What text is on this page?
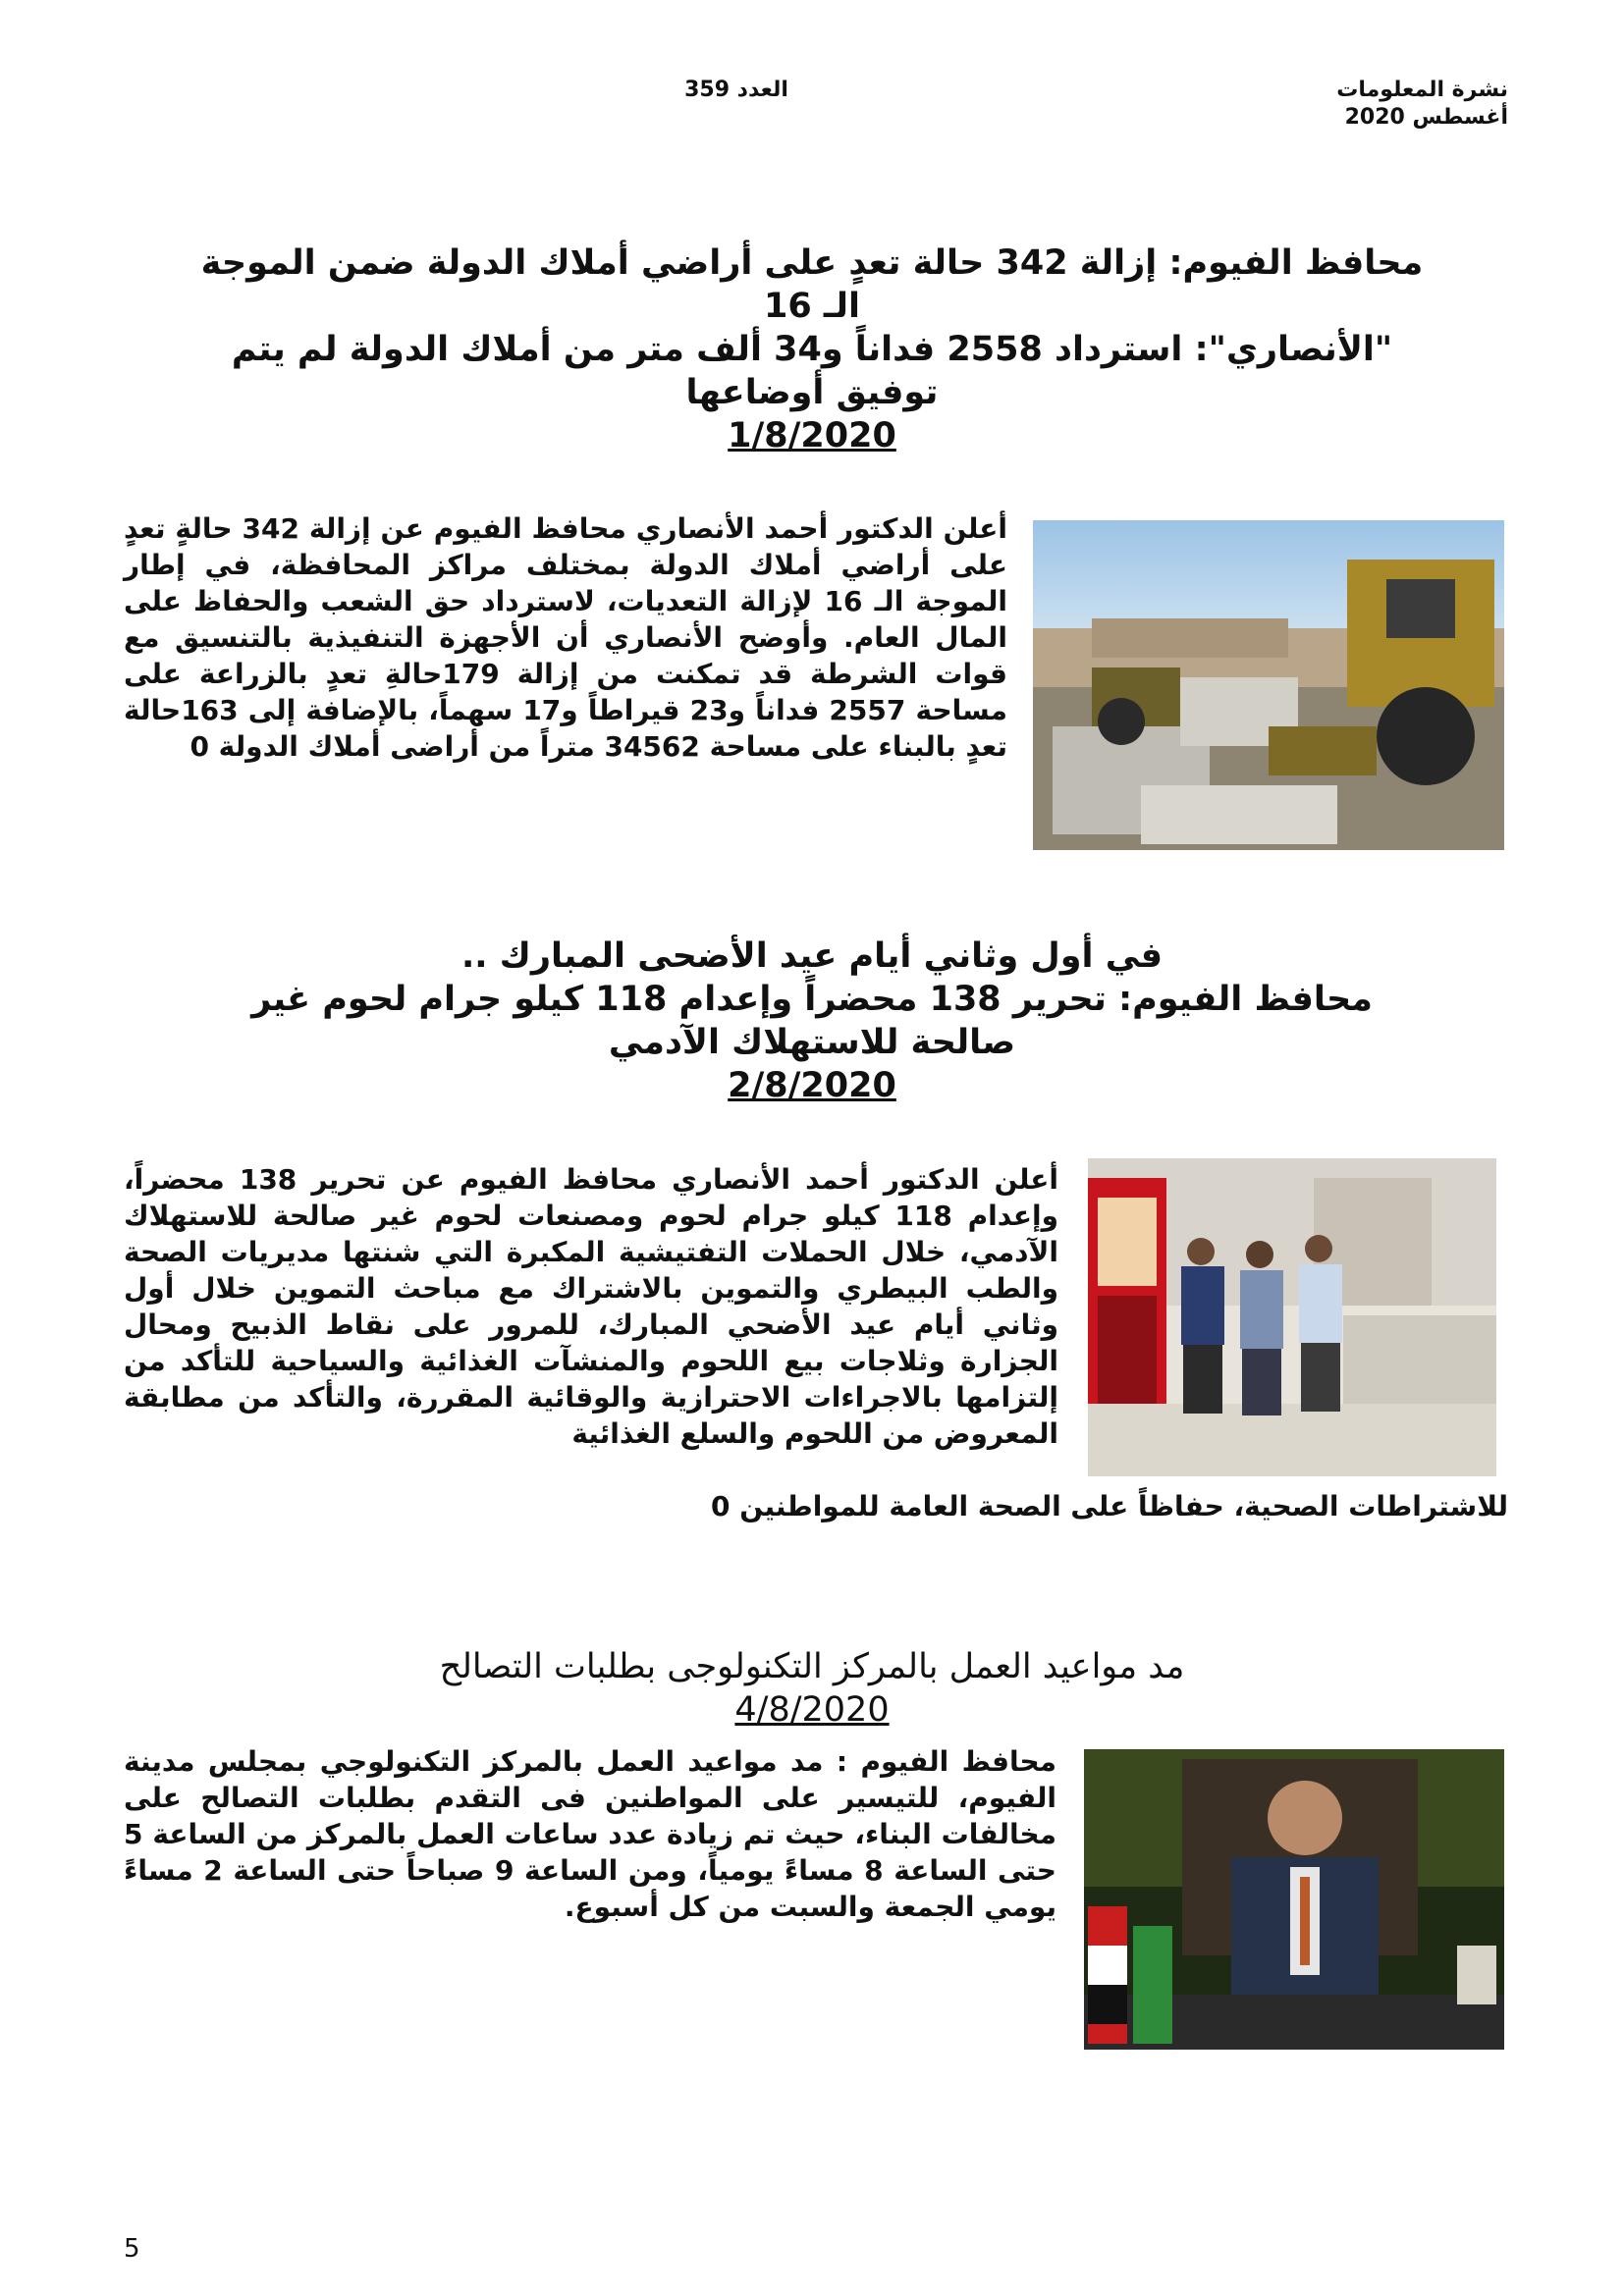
نشرة المعلومات
أغسطس 2020
العدد 359
محافظ الفيوم: إزالة 342 حالة تعدٍ على أراضي أملاك الدولة ضمن الموجة
الـ 16
"الأنصاري": استرداد 2558 فداناً و34 ألف متر من أملاك الدولة لم يتم
توفيق أوضاعها
1/8/2020
أعلن الدكتور أحمد الأنصاري محافظ الفيوم عن إزالة 342 حالةٍ تعدٍ على أراضي أملاك الدولة بمختلف مراكز المحافظة، في إطار الموجة الـ 16 لإزالة التعديات، لاسترداد حق الشعب والحفاظ على المال العام. وأوضح الأنصاري أن الأجهزة التنفيذية بالتنسيق مع قوات الشرطة قد تمكنت من إزالة 179حالةِ تعدٍ بالزراعة على مساحة 2557 فداناً و23 قيراطاً و17 سهماً، بالإضافة إلى 163حالة تعدٍ بالبناء على مساحة 34562 متراً من أراضى أملاك الدولة 0
في أول وثاني أيام عيد الأضحى المبارك ..
محافظ الفيوم: تحرير 138 محضراً وإعدام 118 كيلو جرام لحوم غير
صالحة للاستهلاك الآدمي
2/8/2020
أعلن الدكتور أحمد الأنصاري محافظ الفيوم عن تحرير 138 محضراً، وإعدام 118 كيلو جرام لحوم ومصنعات لحوم غير صالحة للاستهلاك الآدمي، خلال الحملات التفتيشية المكبرة التي شنتها مديريات الصحة والطب البيطري والتموين بالاشتراك مع مباحث التموين خلال أول وثاني أيام عيد الأضحي المبارك، للمرور على نقاط الذبيح ومحال الجزارة وثلاجات بيع اللحوم والمنشآت الغذائية والسياحية للتأكد من إلتزامها بالاجراءات الاحترازية والوقائية المقررة، والتأكد من مطابقة المعروض من اللحوم والسلع الغذائية
للاشتراطات الصحية، حفاظاً على الصحة العامة للمواطنين 0
مد مواعيد العمل بالمركز التكنولوجى بطلبات التصالح
4/8/2020
محافظ الفيوم : مد مواعيد العمل بالمركز التكنولوجي بمجلس مدينة الفيوم، للتيسير على المواطنين فى التقدم بطلبات التصالح على مخالفات البناء، حيث تم زيادة عدد ساعات العمل بالمركز من الساعة 5 حتى الساعة 8 مساءً يومياً، ومن الساعة 9 صباحاً حتى الساعة 2 مساءً يومي الجمعة والسبت من كل أسبوع.
5
